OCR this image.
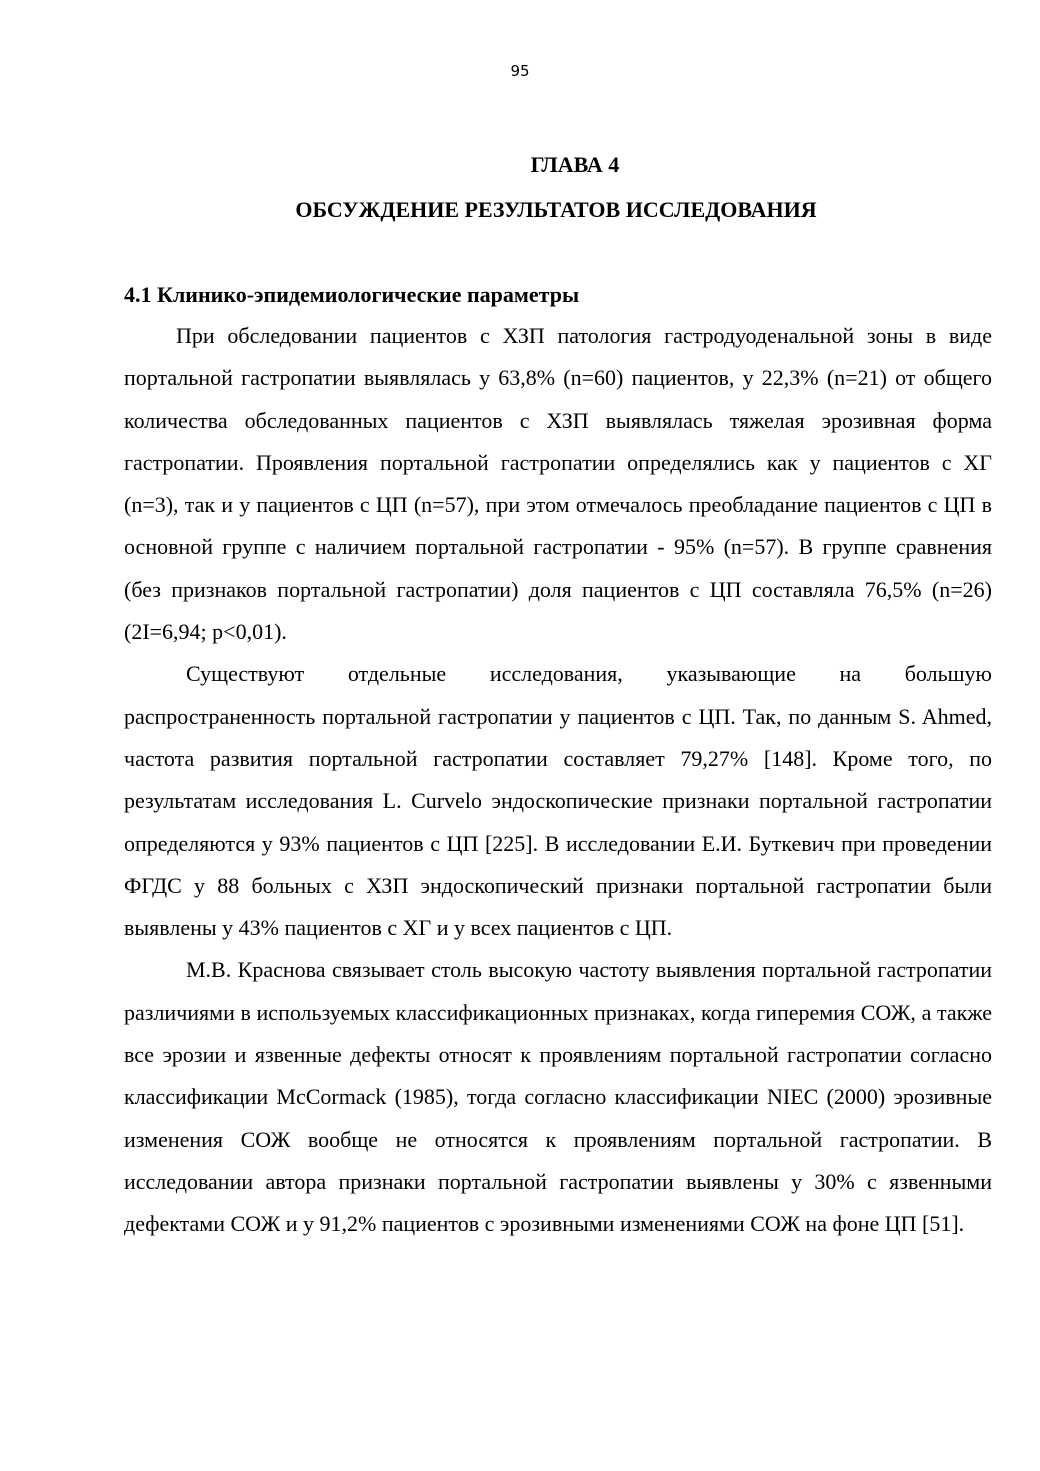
95
ГЛАВА 4
ОБСУЖДЕНИЕ РЕЗУЛЬТАТОВ ИССЛЕДОВАНИЯ
4.1 Клинико-эпидемиологические параметры

При обследовании пациентов с ХЗП патология гастродуоденальной зоны в виде портальной гастропатии выявлялась у 63,8% (n=60) пациентов, у 22,3% (n=21) от общего количества обследованных пациентов с ХЗП выявлялась тяжелая эрозивная форма гастропатии. Проявления портальной гастропатии определялись как у пациентов с ХГ (n=3), так и у пациентов с ЦП (n=57), при этом отмечалось преобладание пациентов с ЦП в основной группе с наличием портальной гастропатии - 95% (n=57). В группе сравнения (без признаков портальной гастропатии) доля пациентов с ЦП составляла 76,5% (n=26) (2I=6,94; p<0,01).

Существуют отдельные исследования, указывающие на большую распространенность портальной гастропатии у пациентов с ЦП. Так, по данным S. Ahmed, частота развития портальной гастропатии составляет 79,27% [148]. Кроме того, по результатам исследования L. Curvelo эндоскопические признаки портальной гастропатии определяются у 93% пациентов с ЦП [225]. В исследовании Е.И. Буткевич при проведении ФГДС у 88 больных с ХЗП эндоскопический признаки портальной гастропатии были выявлены у 43% пациентов с ХГ и у всех пациентов с ЦП.

М.В. Краснова связывает столь высокую частоту выявления портальной гастропатии различиями в используемых классификационных признаках, когда гиперемия СОЖ, а также все эрозии и язвенные дефекты относят к проявлениям портальной гастропатии согласно классификации McCormack (1985), тогда согласно классификации NIEC (2000) эрозивные изменения СОЖ вообще не относятся к проявлениям портальной гастропатии. В исследовании автора признаки портальной гастропатии выявлены у 30% с язвенными дефектами СОЖ и у 91,2% пациентов с эрозивными изменениями СОЖ на фоне ЦП [51].
